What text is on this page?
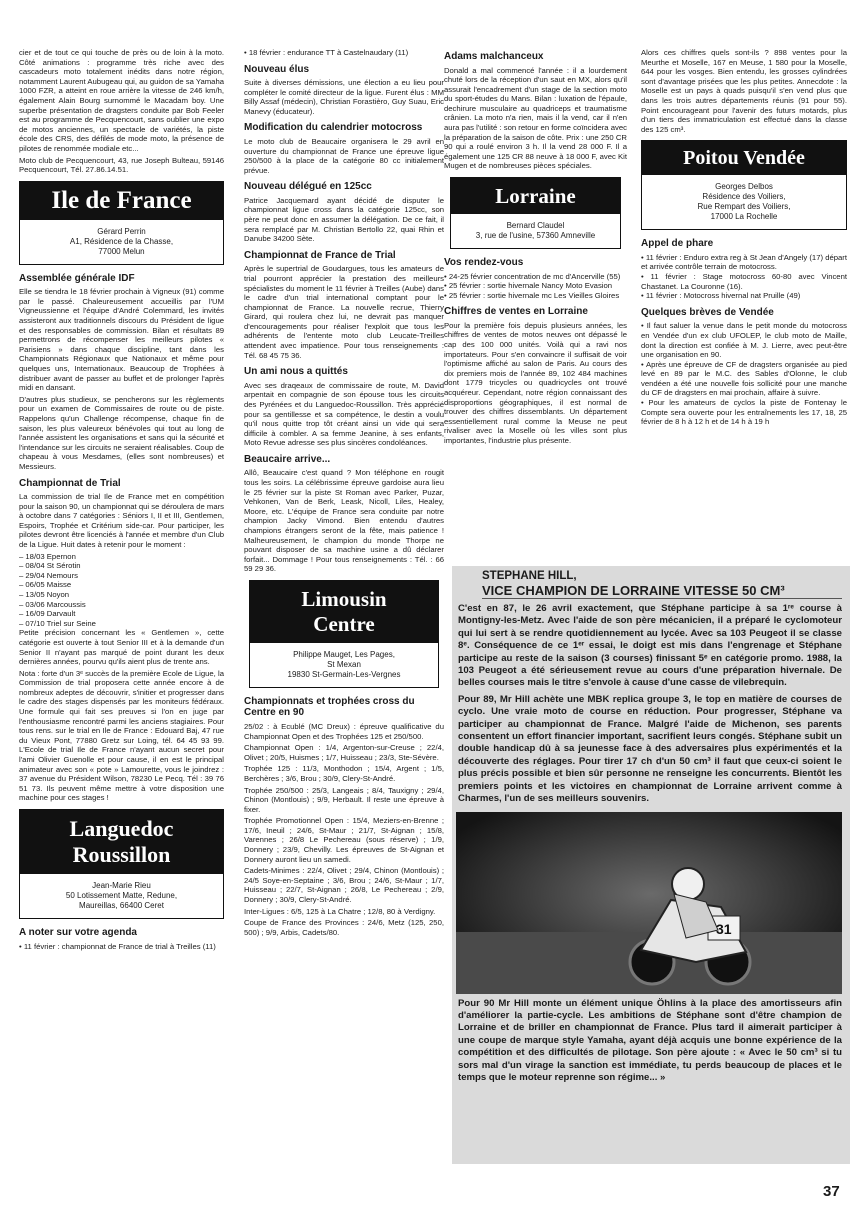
cier et de tout ce qui touche de près ou de loin à la moto. Côté animations : programme très riche avec des cascadeurs moto totalement inédits dans notre région, notamment Laurent Aubugeau qui, au guidon de sa Yamaha 1000 FZR, a atteint en roue arrière la vitesse de 246 km/h, également Alain Bourg surnommé le Macadam boy. Une superbe présentation de dragsters conduite par Bob Feeler est au programme de Pecquencourt, sans oublier une expo de motos anciennes, un spectacle de variétés, la piste école des CRS, des défilés de mode moto, la présence de pilotes de renommée modiale etc...

Moto club de Pecquencourt, 43, rue Joseph Bulteau, 59146 Pecquencourt, Tél. 27.86.14.51.

Ile de France
Gérard Perrin
A1, Résidence de la Chasse,
77000 Melun
Assemblée générale IDF

Elle se tiendra le 18 février prochain à Vigneux (91) comme par le passé. Chaleureusement accueillis par l'UM Vigneussienne et l'équipe d'André Colemmard, les invités assisteront aux traditionnels discours du Président de ligue et des responsables de commission. Bilan et résultats 89 permettrons de récompenser les meilleurs pilotes « Parisiens » dans chaque discipline, tant dans les Championnats Régionaux que Nationaux et même pour quelques uns, Internationaux. Beaucoup de Trophées à distribuer avant de passer au buffet et de prolonger l'après midi en dansant.

D'autres plus studieux, se pencherons sur les règlements pour un examen de Commissaires de route ou de piste. Rappelons qu'un Challenge récompense, chaque fin de saison, les plus valeureux bénévoles qui tout au long de l'année assistent les organisations et sans qui la sécurité et l'intendance sur les circuits ne seraient réalisables. Coup de chapeau à vous Mesdames, (elles sont nombreuses) et Messieurs.

Championnat de Trial

La commission de trial Ile de France met en compétition pour la saison 90, un championnat qui se déroulera de mars à octobre dans 7 catégories : Séniors I, II et III, Gentlemen, Espoirs, Trophée et Critérium side-car. Pour participer, les pilotes devront être licenciés à l'année et membre d'un Club de la Ligue. Huit dates à retenir pour le moment :

– 18/03 Epernon
– 08/04 St Sérotin
– 29/04 Nemours
– 06/05 Maisse
– 13/05 Noyon
– 03/06 Marcoussis
– 16/09 Darvault
– 07/10 Triel sur Seine

Petite précision concernant les « Gentlemen », cette catégorie est ouverte à tout Senior III et à la demande d'un Senior II n'ayant pas marqué de point durant les deux dernières années, pourvu qu'ils aient plus de trente ans.

Nota : forte d'un 3ᵉ succès de la première Ecole de Ligue, la Commission de trial proposera cette année encore à de nombreux adeptes de découvrir, s'initier et progresser dans le cadre des stages dispensés par les moniteurs fédéraux. Une formule qui fait ses preuves si l'on en juge par l'enthousiasme rencontré parmi les anciens stagiaires. Pour tous rens. sur le trial en Ile de France : Edouard Baj, 47 rue du Vieux Pont, 77880 Gretz sur Loing, tél. 64 45 93 99. L'Ecole de trial Ile de France n'ayant aucun secret pour l'ami Olivier Guenolle et pour cause, il en est le principal animateur avec son « pote » Lamourette, vous le joindrez : 37 avenue du Président Wilson, 78230 Le Pecq. Tél : 39 76 51 73. Ils peuvent même mettre à votre disposition une machine pour ces stages !

Languedoc
Roussillon
Jean-Marie Rieu
50 Lotissement Matte, Redune,
Maureillas, 66400 Ceret
A noter sur votre agenda
• 11 février : championnat de France de trial à Treilles (11)
• 18 février : endurance TT à Castelnaudary (11)
Nouveau élus

Suite à diverses démissions, une élection a eu lieu pour compléter le comité directeur de la ligue. Furent élus : MM Billy Assaf (médecin), Christian Forastièro, Guy Suau, Eric Manevy (éducateur).

Modification du calendrier motocross

Le moto club de Beaucaire organisera le 29 avril en ouverture du championnat de France une épreuve ligue 250/500 à la place de la catégorie 80 cc initialement prévue.

Nouveau délégué en 125cc

Patrice Jacquemard ayant décidé de disputer le championnat ligue cross dans la catégorie 125cc, son père ne peut donc en assumer la délégation. De ce fait, il sera remplacé par M. Christian Bertollo 22, quai Rhin et Danube 34200 Sète.

Championnat de France de Trial

Après le supertrial de Goudargues, tous les amateurs de trial pourront apprécier la prestation des meilleurs spécialistes du moment le 11 février à Treilles (Aube) dans le cadre d'un trial international comptant pour le championnat de France. La nouvelle recrue, Thierry Girard, qui roulera chez lui, ne devrait pas manquer d'encouragements pour réaliser l'exploit que tous les adhérents de l'entente moto club Leucate-Treilles attendent avec impatience. Pour tous renseignements : Tél. 68 45 75 36.

Un ami nous a quittés

Avec ses draqeaux de commissaire de route, M. David arpentait en compagnie de son épouse tous les circuits des Pyrénées et du Languedoc-Roussillon. Très apprécié pour sa gentillesse et sa compétence, le destin a voulu qu'il nous quitte trop tôt créant ainsi un vide qui sera difficile à combler. A sa femme Jeanine, à ses enfants, Moto Revue adresse ses plus sincères condoléances.

Beaucaire arrive...

Allô, Beaucaire c'est quand ? Mon téléphone en rougit tous les soirs. La célébrissime épreuve gardoise aura lieu le 25 février sur la piste St Roman avec Parker, Puzar, Vehkonen, Van de Berk, Leask, Nicoll, Liles, Healey, Moore, etc. L'équipe de France sera conduite par notre champion Jacky Vimond. Bien entendu d'autres champions étrangers seront de la fête, mais patience ! Malheureusement, le champion du monde Thorpe ne pouvant disposer de sa machine usine a dû déclarer forfait... Dommage ! Pour tous renseignements : Tél. : 66 59 29 36.

Limousin
Centre
Philippe Mauget, Les Pages,
St Mexan
19830 St-Germain-Les-Vergnes
Championnats et trophées cross du Centre en 90

25/02 : à Ecublé (MC Dreux) : épreuve qualificative du Championnat Open et des Trophées 125 et 250/500.

Championnat Open : 1/4, Argenton-sur-Creuse ; 22/4, Olivet ; 20/5, Huismes ; 1/7, Huisseau ; 23/3, Ste-Sévère.

Trophée 125 : 11/3, Monthodon ; 15/4, Argent ; 1/5, Berchères ; 3/6, Brou ; 30/9, Clery-St-André.

Trophée 250/500 : 25/3, Langeais ; 8/4, Tauxigny ; 29/4, Chinon (Montlouis) ; 9/9, Herbault. Il reste une épreuve à fixer.

Trophée Promotionnel Open : 15/4, Meziers-en-Brenne ; 17/6, Ineuil ; 24/6, St-Maur ; 21/7, St-Aignan ; 15/8, Varennes ; 26/8 Le Pechereau (sous réserve) ; 1/9, Donnery ; 23/9, Chevilly. Les épreuves de St-Aignan et Donnery auront lieu un samedi.

Cadets-Minimes : 22/4, Olivet ; 29/4, Chinon (Montlouis) ; 24/5 Soye-en-Septaine ; 3/6, Brou ; 24/6, St-Maur ; 1/7, Huisseau ; 22/7, St-Aignan ; 26/8, Le Pechereau ; 2/9, Donnery ; 30/9, Clery-St-André.

Inter-Ligues : 6/5, 125 à La Chatre ; 12/8, 80 à Verdigny.

Coupe de France des Provinces : 24/6, Metz (125, 250, 500) ; 9/9, Arbis, Cadets/80.

Adams malchanceux

Donald a mal commencé l'année : il a lourdement chuté lors de la réception d'un saut en MX, alors qu'il assurait l'encadrement d'un stage de la section moto du sport-études du Mans. Bilan : luxation de l'épaule, dechirure musculaire au quadriceps et traumatisme crânien. La moto n'a rien, mais il la vend, car il n'en aura pas l'utilité : son retour en forme coïncidera avec la préparation de la saison de côte. Prix : une 250 CR 90 qui a roulé environ 3 h. Il la vend 28 000 F. Il a également une 125 CR 88 neuve à 18 000 F, avec Kit Mugen et de nombreuses pièces spéciales.

Lorraine
Bernard Claudel
3, rue de l'usine, 57360 Amneville
Vos rendez-vous
• 24-25 février concentration de mc d'Ancerville (55)
• 25 février : sortie hivernale Nancy Moto Evasion
• 25 février : sortie hivernale mc Les Vieilles Gloires
Chiffres de ventes en Lorraine

Pour la première fois depuis plusieurs années, les chiffres de ventes de motos neuves ont dépassé le cap des 100 000 unités. Voilà qui a ravi nos importateurs. Pour s'en convaincre il suffisait de voir l'optimisme affiché au salon de Paris. Au cours des dix premiers mois de l'année 89, 102 484 machines dont 1779 tricycles ou quadricycles ont trouvé acquéreur. Cependant, notre région connaissant des disproportions géographiques, il est normal de trouver des chiffres dissemblants. Un département essentiellement rural comme la Meuse ne peut rivaliser avec la Moselle où les villes sont plus importantes, l'industrie plus présente.

Alors ces chiffres quels sont-ils ? 898 ventes pour la Meurthe et Moselle, 167 en Meuse, 1 580 pour la Moselle, 644 pour les vosges. Bien entendu, les grosses cylindrées sont d'avantage prisées que les plus petites. Annecdote : la Moselle est un pays à quads puisqu'il s'en vend plus que dans les trois autres départements réunis (91 pour 55). Point encourageant pour l'avenir des futurs motards, plus d'un tiers des immatriculation est effectué dans la classe des 125 cm³.

Poitou Vendée
Georges Delbos
Résidence des Voiliers,
Rue Rempart des Voiliers,
17000 La Rochelle
Appel de phare
• 11 février : Enduro extra reg à St Jean d'Angely (17) départ et arrivée contrôle terrain de motocross.
• 11 février : Stage motocross 60-80 avec Vincent Chastanet. La Couronne (16).
• 11 février : Motocross hivernal nat Pruille (49)
Quelques brèves de Vendée
• Il faut saluer la venue dans le petit monde du motocross en Vendée d'un ex club UFOLEP, le club moto de Maille, dont la direction est confiée à M. J. Lierre, avec peut-être une organisation en 90.
• Après une épreuve de CF de dragsters organisée au pied levé en 89 par le M.C. des Sables d'Olonne, le club vendéen a été une nouvelle fois sollicité pour une manche du CF de dragsters en mai prochain, affaire à suivre.
• Pour les amateurs de cyclos la piste de Fontenay le Compte sera ouverte pour les entraînements les 17, 18, 25 février de 8 h à 12 h et de 14 h à 19 h
STEPHANE HILL,
VICE CHAMPION DE LORRAINE VITESSE 50 CM³

C'est en 87, le 26 avril exactement, que Stéphane participe à sa 1ʳᵉ course à Montigny-les-Metz. Avec l'aide de son père mécanicien, il a préparé le cyclomoteur qui lui sert à se rendre quotidiennement au lycée. Avec sa 103 Peugeot il se classe 8ᵉ. Conséquence de ce 1ᵉʳ essai, le doigt est mis dans l'engrenage et Stéphane participe au reste de la saison (3 courses) finissant 5ᵉ en catégorie promo. 1988, la 103 Peugeot a été sérieusement revue au cours d'une préparation hivernale. De belles courses mais le titre s'envole à cause d'une casse de vilebrequin.

Pour 89, Mr Hill achète une MBK replica groupe 3, le top en matière de courses de cyclo. Une vraie moto de course en réduction. Pour progresser, Stéphane va participer au championnat de France. Malgré l'aide de Michenon, ses parents consentent un effort financier important, sacrifient leurs congés. Stéphane subit un double handicap dû à sa jeunesse face à des adversaires plus expérimentés et la découverte des réglages. Pour tirer 17 ch d'un 50 cm³ il faut que ceux-ci soient le plus précis possible et bien sûr personne ne renseigne les concurrents. Bientôt les premiers points et les victoires en championnat de Lorraine arrivent comme à Charmes, l'un de ses meilleurs souvenirs.

31

Pour 90 Mr Hill monte un élément unique Öhlins à la place des amortisseurs afin d'améliorer la partie-cycle. Les ambitions de Stéphane sont d'être champion de Lorraine et de briller en championnat de France. Plus tard il aimerait participer à une coupe de marque style Yamaha, ayant déjà acquis une bonne expérience de la compétition et des difficultés de pilotage. Son père ajoute : « Avec le 50 cm³ si tu sors mal d'un virage la sanction est immédiate, tu perds beaucoup de places et le temps que le moteur reprenne son régime... »

37
